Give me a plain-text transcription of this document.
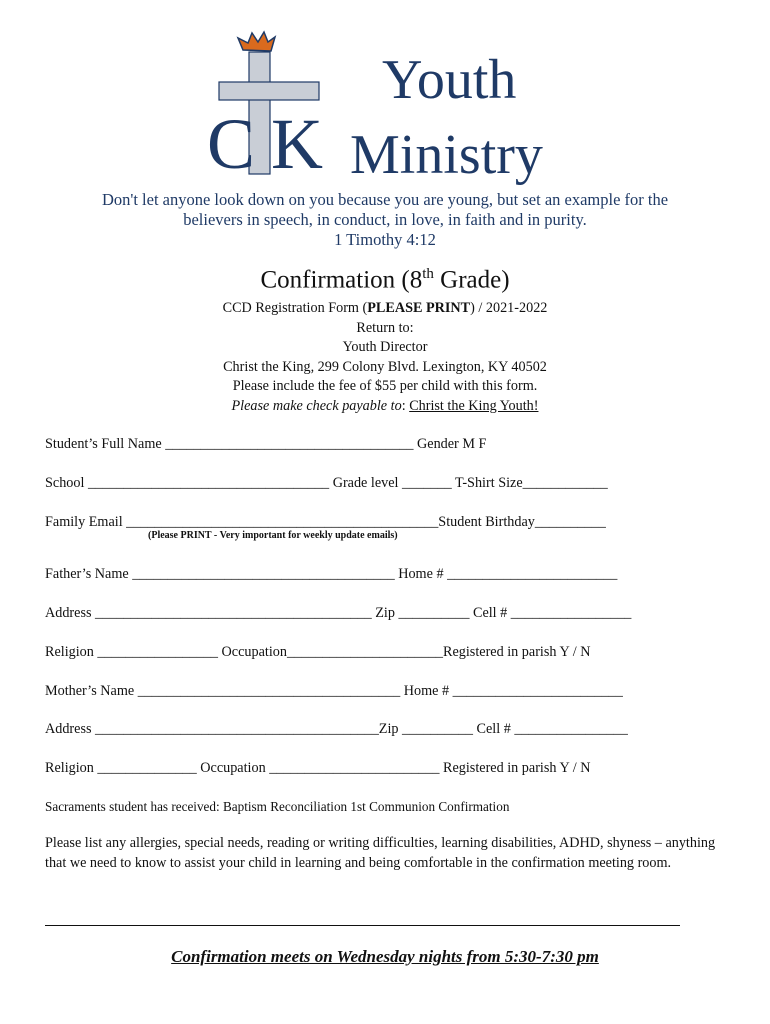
C K
Youth
Ministry
Don't let anyone look down on you because you are young, but set an example for the
believers in speech, in conduct, in love, in faith and in purity.
1 Timothy 4:12
Confirmation (8th Grade)
CCD Registration Form (PLEASE PRINT) / 2021-2022
Return to:
Youth Director
Christ the King, 299 Colony Blvd. Lexington, KY 40502
Please include the fee of $55 per child with this form.
Please make check payable to: Christ the King Youth!
Student’s Full Name ___________________________________ Gender M F
School __________________________________ Grade level _______ T-Shirt Size____________
Family Email ____________________________________________Student Birthday__________
(Please PRINT - Very important for weekly update emails)
Father’s Name _____________________________________ Home # ________________________
Address _______________________________________ Zip __________ Cell # _________________
Religion _________________ Occupation______________________Registered in parish Y / N
Mother’s Name _____________________________________ Home # ________________________
Address ________________________________________Zip __________ Cell # ________________
Religion ______________ Occupation ________________________ Registered in parish Y / N
Sacraments student has received: Baptism Reconciliation 1st Communion Confirmation
Please list any allergies, special needs, reading or writing difficulties, learning disabilities, ADHD, shyness – anything that we need to know to assist your child in learning and being comfortable in the confirmation meeting room.
Confirmation meets on Wednesday nights from 5:30-7:30 pm
